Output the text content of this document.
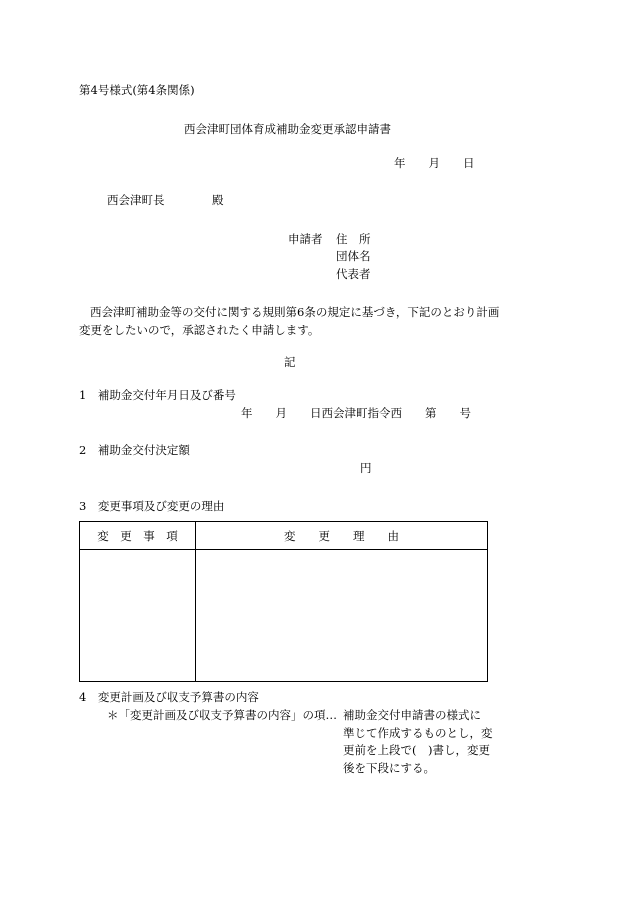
第4号様式(第4条関係)
西会津町団体育成補助金変更承認申請書
年　　月　　日
西会津町長	殿
申請者 住　所
団体名
代表者
西会津町補助金等の交付に関する規則第6条の規定に基づき，下記のとおり計画
変更をしたいので，承認されたく申請します。
記
1　補助金交付年月日及び番号
年　　月　　日西会津町指令西　　第　　号
2　補助金交付決定額
円
3　変更事項及び変更の理由
変　更　事　項	変　　更　　理　　由

4　変更計画及び収支予算書の内容
＊「変更計画及び収支予算書の内容」の項… 補助金交付申請書の様式に
準じて作成するものとし，変
更前を上段で(　)書し，変更
後を下段にする。
